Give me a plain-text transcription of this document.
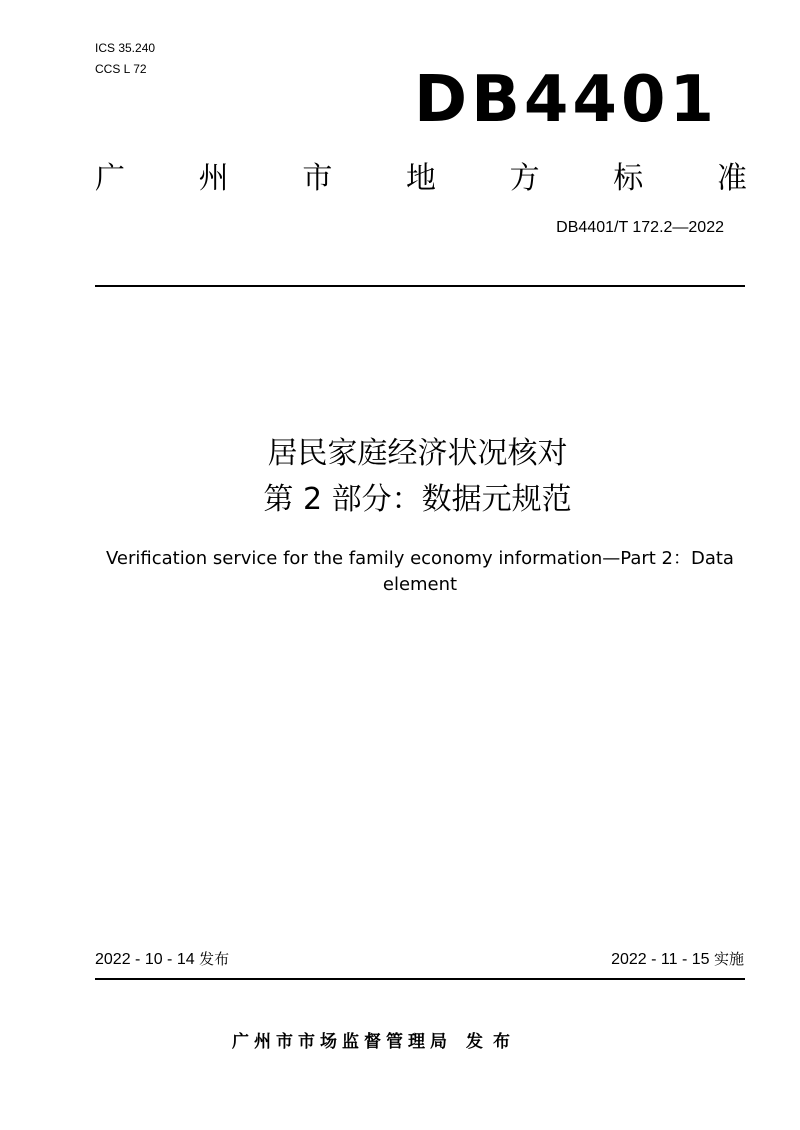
ICS 35.240
CCS L 72	DB4401
广 州 市 地 方 标 准
DB4401/T 172.2—2022
居民家庭经济状况核对
第 2 部分：数据元规范
Verification service for the family economy information—Part 2：Data element
2022 - 10 - 14 发布	2022 - 11 - 15 实施
广州市市场监督管理局 发布
